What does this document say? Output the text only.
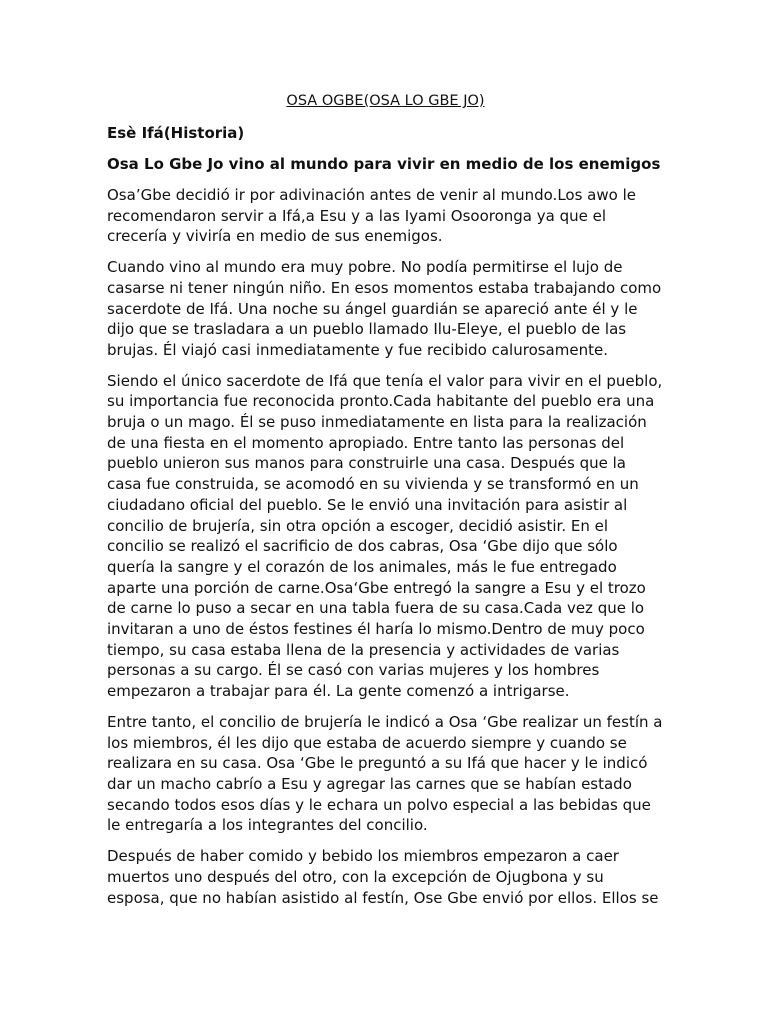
OSA OGBE(OSA LO GBE JO)

Esè Ifá(Historia)

Osa Lo Gbe Jo vino al mundo para vivir en medio de los enemigos

Osa’Gbe decidió ir por adivinación antes de venir al mundo.Los awo le recomendaron servir a Ifá,a Esu y a las Iyami Osooronga ya que el crecería y viviría en medio de sus enemigos.

Cuando vino al mundo era muy pobre. No podía permitirse el lujo de casarse ni tener ningún niño. En esos momentos estaba trabajando como sacerdote de Ifá. Una noche su ángel guardián se apareció ante él y le dijo que se trasladara a un pueblo llamado Ilu-Eleye, el pueblo de las brujas. Él viajó casi inmediatamente y fue recibido calurosamente.

Siendo el único sacerdote de Ifá que tenía el valor para vivir en el pueblo, su importancia fue reconocida pronto.Cada habitante del pueblo era una bruja o un mago. Él se puso inmediatamente en lista para la realización de una fiesta en el momento apropiado. Entre tanto las personas del pueblo unieron sus manos para construirle una casa. Después que la casa fue construida, se acomodó en su vivienda y se transformó en un ciudadano oficial del pueblo. Se le envió una invitación para asistir al concilio de brujería, sin otra opción a escoger, decidió asistir. En el concilio se realizó el sacrificio de dos cabras, Osa ‘Gbe dijo que sólo quería la sangre y el corazón de los animales, más le fue entregado aparte una porción de carne.Osa‘Gbe entregó la sangre a Esu y el trozo de carne lo puso a secar en una tabla fuera de su casa.Cada vez que lo invitaran a uno de éstos festines él haría lo mismo.Dentro de muy poco tiempo, su casa estaba llena de la presencia y actividades de varias personas a su cargo. Él se casó con varias mujeres y los hombres empezaron a trabajar para él. La gente comenzó a intrigarse.

Entre tanto, el concilio de brujería le indicó a Osa ‘Gbe realizar un festín a los miembros, él les dijo que estaba de acuerdo siempre y cuando se realizara en su casa. Osa ‘Gbe le preguntó a su Ifá que hacer y le indicó dar un macho cabrío a Esu y agregar las carnes que se habían estado secando todos esos días y le echara un polvo especial a las bebidas que le entregaría a los integrantes del concilio.

Después de haber comido y bebido los miembros empezaron a caer muertos uno después del otro, con la excepción de Ojugbona y su esposa, que no habían asistido al festín, Ose Gbe envió por ellos. Ellos se
